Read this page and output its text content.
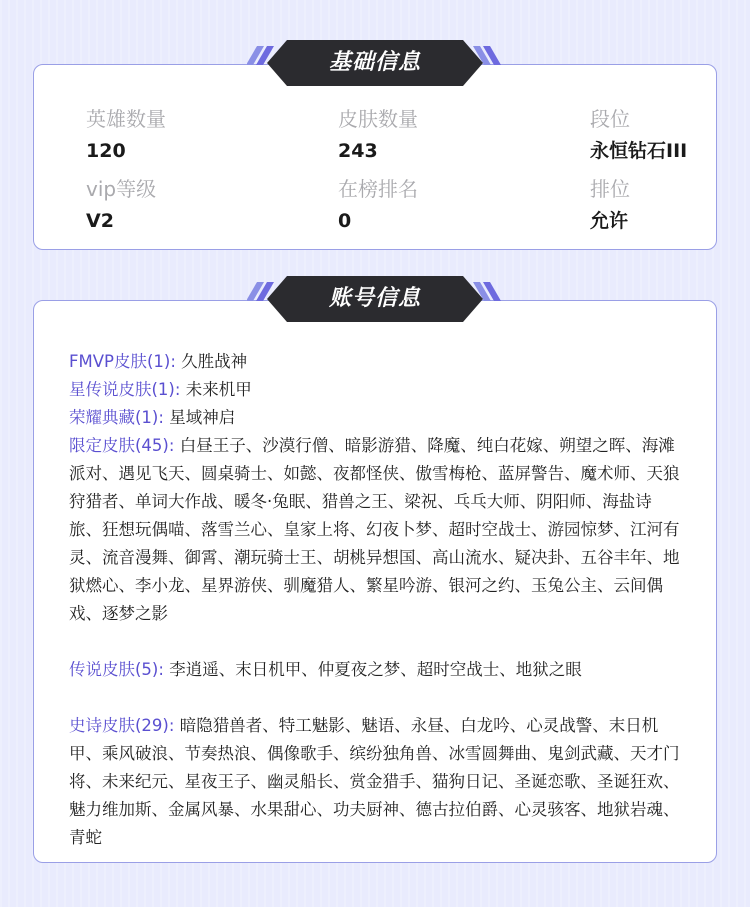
英雄数量
120
皮肤数量
243
段位
永恒钻石III
vip等级
V2
在榜排名
0
排位
允许

FMVP皮肤(1): 久胜战神

星传说皮肤(1): 未来机甲

荣耀典藏(1): 星域神启

限定皮肤(45): 白昼王子、沙漠行僧、暗影游猎、降魔、纯白花嫁、朔望之晖、海滩派对、遇见飞天、圆桌骑士、如懿、夜都怪侠、傲雪梅枪、蓝屏警告、魔术师、天狼狩猎者、单词大作战、暖冬·兔眠、猎兽之王、梁祝、乓乓大师、阴阳师、海盐诗旅、狂想玩偶喵、落雪兰心、皇家上将、幻夜卜梦、超时空战士、游园惊梦、江河有灵、流音漫舞、御霄、潮玩骑士王、胡桃异想国、高山流水、疑决卦、五谷丰年、地狱燃心、李小龙、星界游侠、驯魔猎人、繁星吟游、银河之约、玉兔公主、云间偶戏、逐梦之影

传说皮肤(5): 李逍遥、末日机甲、仲夏夜之梦、超时空战士、地狱之眼

史诗皮肤(29): 暗隐猎兽者、特工魅影、魅语、永昼、白龙吟、心灵战警、末日机甲、乘风破浪、节奏热浪、偶像歌手、缤纷独角兽、冰雪圆舞曲、鬼剑武藏、天才门将、未来纪元、星夜王子、幽灵船长、赏金猎手、猫狗日记、圣诞恋歌、圣诞狂欢、魅力维加斯、金属风暴、水果甜心、功夫厨神、德古拉伯爵、心灵骇客、地狱岩魂、青蛇

基础信息
账号信息
